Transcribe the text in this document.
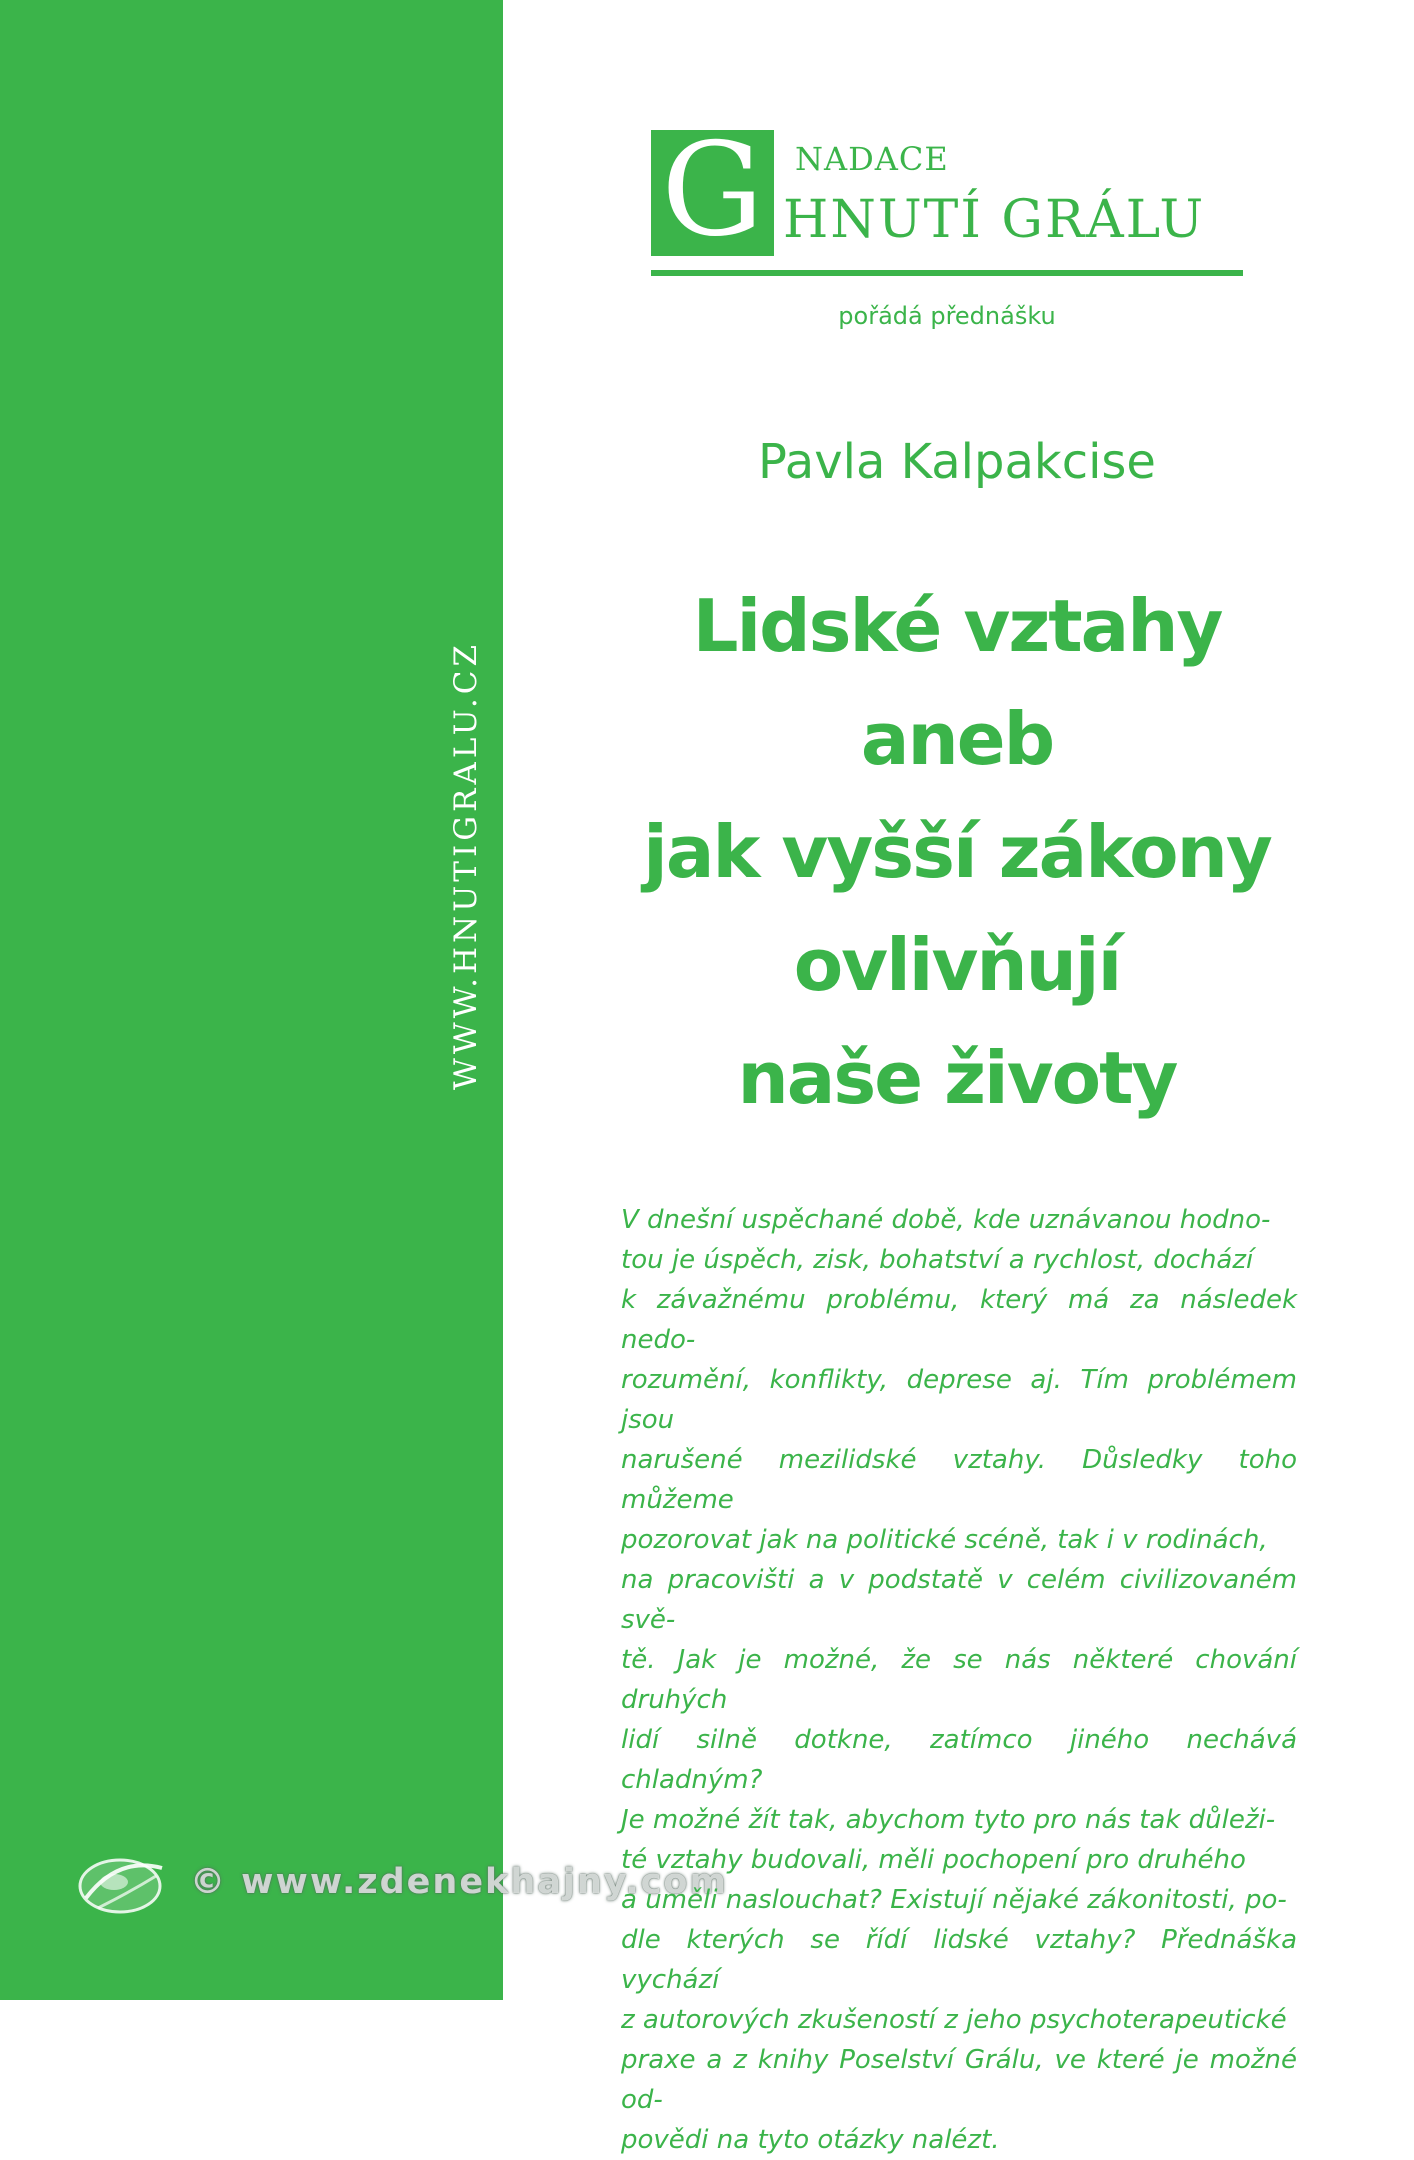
WWW.HNUTIGRALU.CZ
© www.zdenekhajny.com
G NADACE
HNUTÍ GRÁLU
pořádá přednášku
Pavla Kalpakcise
Lidské vztahy
aneb
jak vyšší zákony
ovlivňují
naše životy
V dnešní uspěchané době, kde uznávanou hodno-
tou je úspěch, zisk, bohatství a rychlost, dochází
k závažnému problému, který má za následek nedo-
rozumění, konflikty, deprese aj. Tím problémem jsou
narušené mezilidské vztahy. Důsledky toho můžeme
pozorovat jak na politické scéně, tak i v rodinách,
na pracovišti a v podstatě v celém civilizovaném svě-
tě. Jak je možné, že se nás některé chování druhých
lidí silně dotkne, zatímco jiného nechává chladným?
Je možné žít tak, abychom tyto pro nás tak důleži-
té vztahy budovali, měli pochopení pro druhého
a uměli naslouchat? Existují nějaké zákonitosti, po-
dle kterých se řídí lidské vztahy? Přednáška vychází
z autorových zkušeností z jeho psychoterapeutické
praxe a z knihy Poselství Grálu, ve které je možné od-
povědi na tyto otázky nalézt.
